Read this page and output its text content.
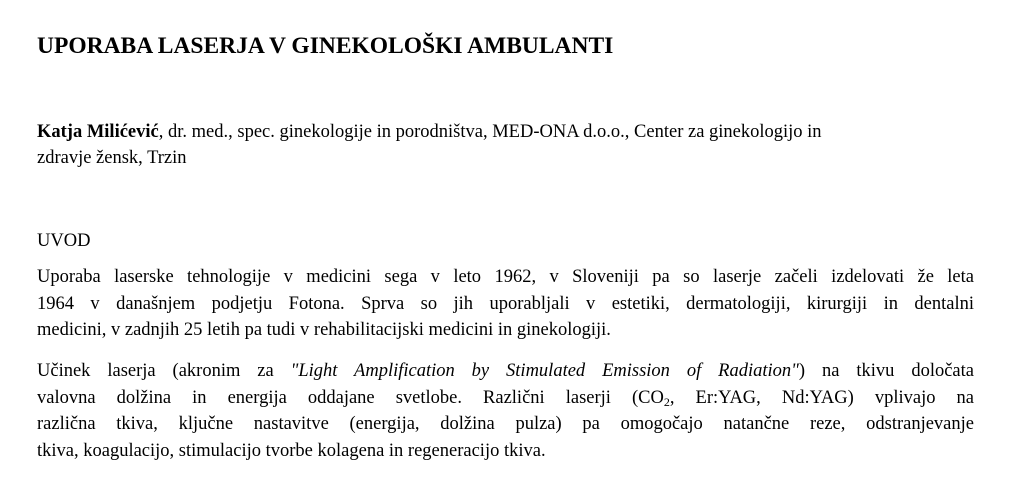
UPORABA LASERJA V GINEKOLOŠKI AMBULANTI

Katja Milićević, dr. med., spec. ginekologije in porodništva, MED-ONA d.o.o., Center za ginekologijo in
zdravje žensk, Trzin

UVOD

Uporaba laserske tehnologije v medicini sega v leto 1962, v Sloveniji pa so laserje začeli izdelovati že leta
1964 v današnjem podjetju Fotona. Sprva so jih uporabljali v estetiki, dermatologiji, kirurgiji in dentalni
medicini, v zadnjih 25 letih pa tudi v rehabilitacijski medicini in ginekologiji.

Učinek laserja (akronim za "Light Amplification by Stimulated Emission of Radiation") na tkivu določata
valovna dolžina in energija oddajane svetlobe. Različni laserji ($CO_2$, Er:YAG, Nd:YAG) vplivajo na
različna tkiva, ključne nastavitve (energija, dolžina pulza) pa omogočajo natančne reze, odstranjevanje
tkiva, koagulacijo, stimulacijo tvorbe kolagena in regeneracijo tkiva.
